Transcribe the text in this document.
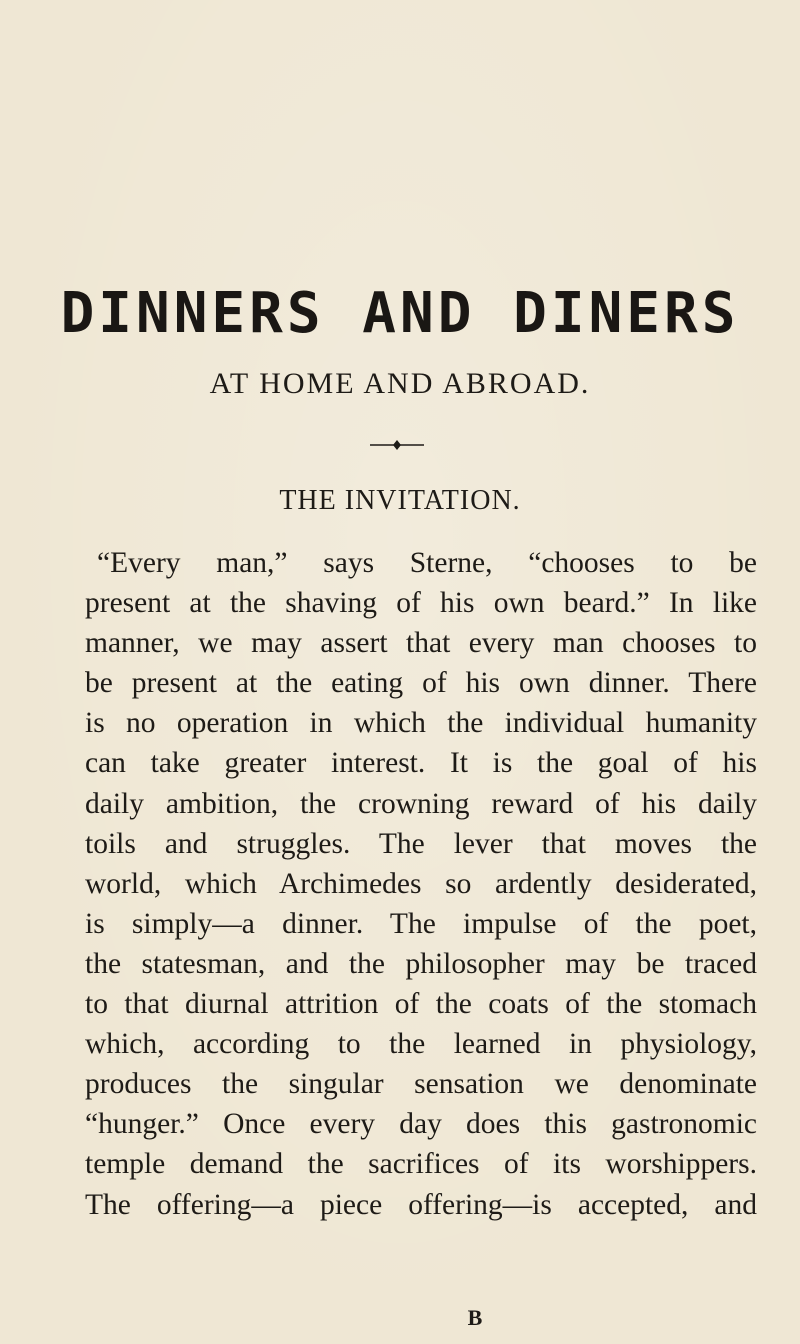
DINNERS AND DINERS
AT HOME AND ABROAD.
THE INVITATION.
“Every man,” says Sterne, “chooses to be
present at the shaving of his own beard.” In like
manner, we may assert that every man chooses to
be present at the eating of his own dinner. There
is no operation in which the individual humanity
can take greater interest. It is the goal of his
daily ambition, the crowning reward of his daily
toils and struggles. The lever that moves the
world, which Archimedes so ardently desiderated,
is simply—a dinner. The impulse of the poet,
the statesman, and the philosopher may be traced
to that diurnal attrition of the coats of the stomach
which, according to the learned in physiology,
produces the singular sensation we denominate
“hunger.” Once every day does this gastronomic
temple demand the sacrifices of its worshippers.
The offering—a piece offering—is accepted, and
B
